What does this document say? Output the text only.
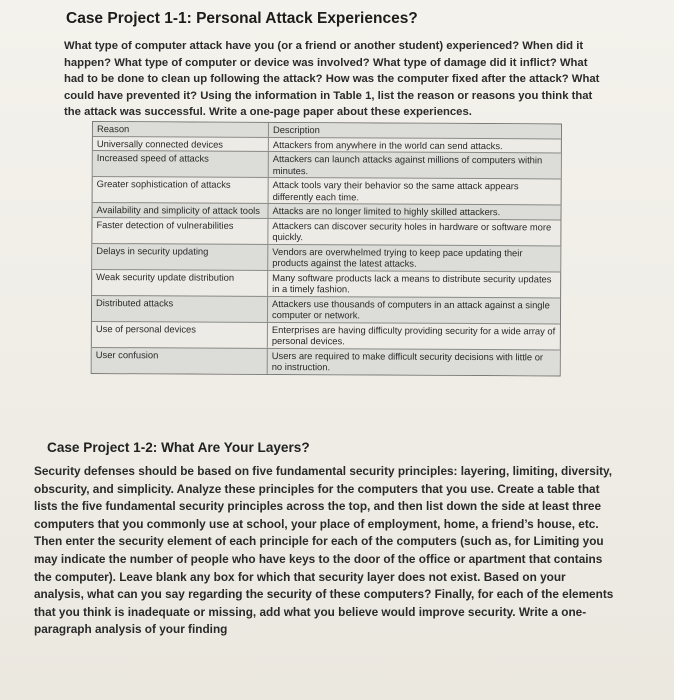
Case Project 1-1: Personal Attack Experiences?
What type of computer attack have you (or a friend or another student) experienced? When did it happen? What type of computer or device was involved? What type of damage did it inflict? What had to be done to clean up following the attack? How was the computer fixed after the attack? What could have prevented it? Using the information in Table 1, list the reason or reasons you think that the attack was successful. Write a one-page paper about these experiences.
Reason	Description
Universally connected devices	Attackers from anywhere in the world can send attacks.
Increased speed of attacks	Attackers can launch attacks against millions of computers within minutes.
Greater sophistication of attacks	Attack tools vary their behavior so the same attack appears differently each time.
Availability and simplicity of attack tools	Attacks are no longer limited to highly skilled attackers.
Faster detection of vulnerabilities	Attackers can discover security holes in hardware or software more quickly.
Delays in security updating	Vendors are overwhelmed trying to keep pace updating their products against the latest attacks.
Weak security update distribution	Many software products lack a means to distribute security updates in a timely fashion.
Distributed attacks	Attackers use thousands of computers in an attack against a single computer or network.
Use of personal devices	Enterprises are having difficulty providing security for a wide array of personal devices.
User confusion	Users are required to make difficult security decisions with little or no instruction.
Case Project 1-2: What Are Your Layers?
Security defenses should be based on five fundamental security principles: layering, limiting, diversity, obscurity, and simplicity. Analyze these principles for the computers that you use. Create a table that lists the five fundamental security principles across the top, and then list down the side at least three computers that you commonly use at school, your place of employment, home, a friend’s house, etc. Then enter the security element of each principle for each of the computers (such as, for Limiting you may indicate the number of people who have keys to the door of the office or apartment that contains the computer). Leave blank any box for which that security layer does not exist. Based on your analysis, what can you say regarding the security of these computers? Finally, for each of the elements that you think is inadequate or missing, add what you believe would improve security. Write a one-paragraph analysis of your finding
